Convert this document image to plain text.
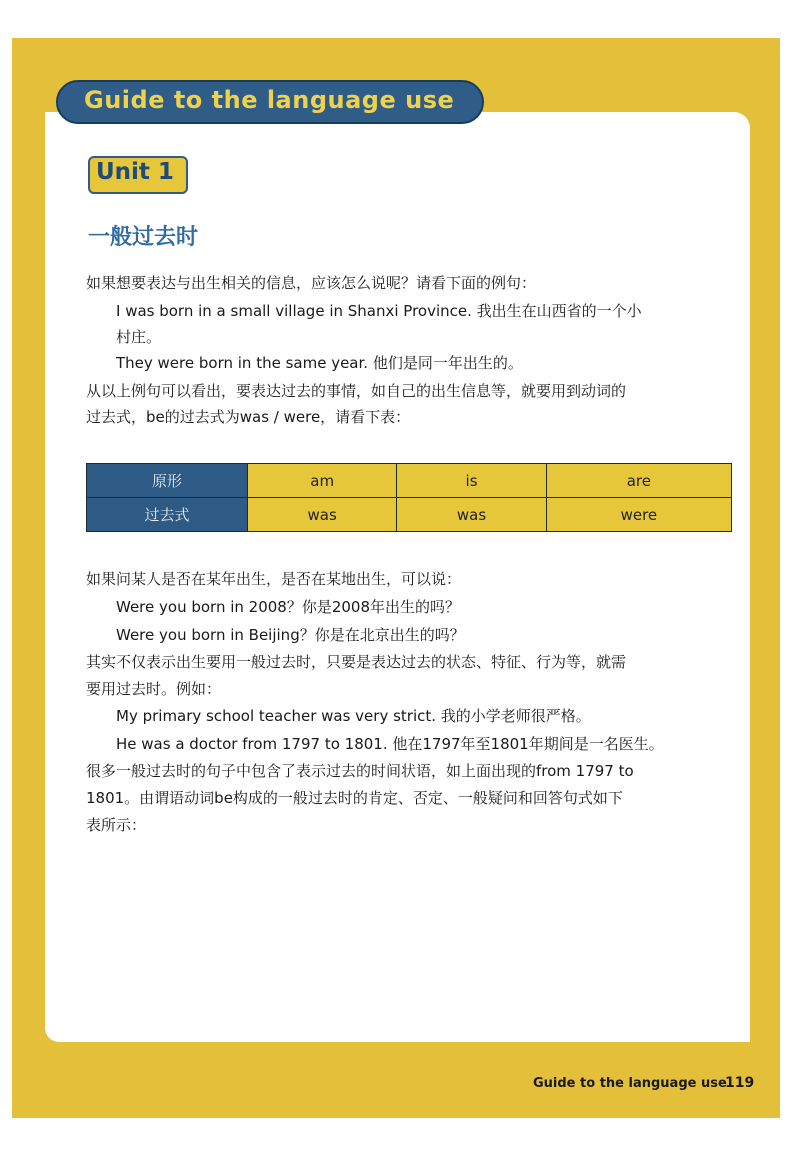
Guide to the language use
Unit 1
一般过去时

如果想要表达与出生相关的信息，应该怎么说呢？请看下面的例句：

I was born in a small village in Shanxi Province. 我出生在山西省的一个小

村庄。

They were born in the same year. 他们是同一年出生的。

从以上例句可以看出，要表达过去的事情，如自己的出生信息等，就要用到动词的

过去式，be的过去式为was / were，请看下表：

原形	am	is	are
过去式	was	was	were

如果问某人是否在某年出生，是否在某地出生，可以说：

Were you born in 2008？你是2008年出生的吗？

Were you born in Beijing？你是在北京出生的吗？

其实不仅表示出生要用一般过去时，只要是表达过去的状态、特征、行为等，就需

要用过去时。例如：

My primary school teacher was very strict. 我的小学老师很严格。

He was a doctor from 1797 to 1801. 他在1797年至1801年期间是一名医生。

很多一般过去时的句子中包含了表示过去的时间状语，如上面出现的from 1797 to

1801。由谓语动词be构成的一般过去时的肯定、否定、一般疑问和回答句式如下

表所示：

Guide to the language use
119
